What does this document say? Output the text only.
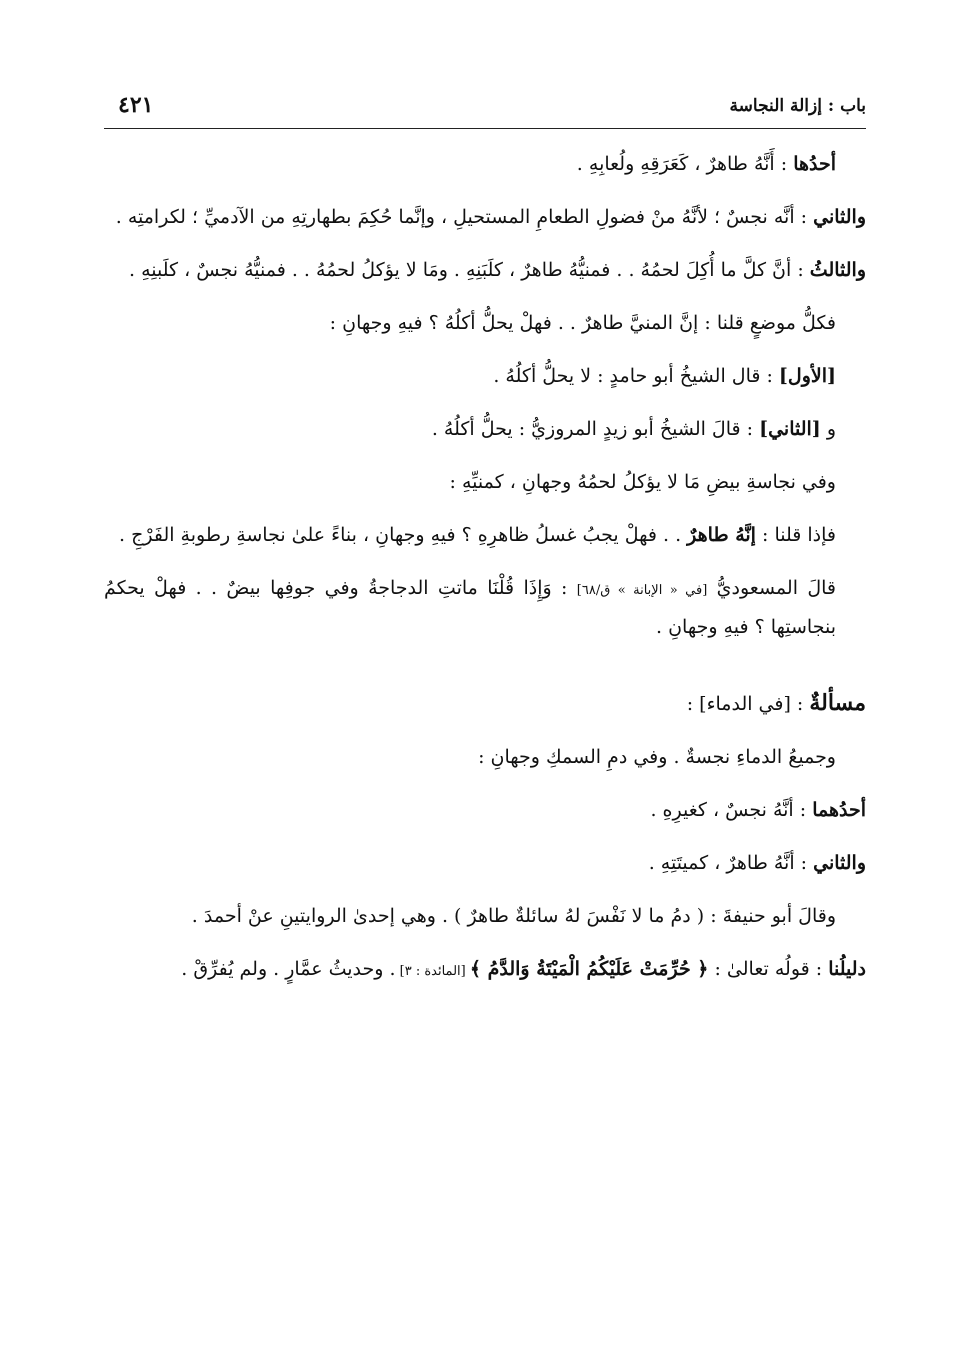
باب : إزالة النجاسة
٤٢١

أحدُها : أَنَّهُ طاهرٌ ، كَعَرَقِهِ ولُعابِهِ .

والثاني : أنَّه نجسٌ ؛ لأنَّهُ منْ فضولِ الطعامِ المستحيلِ ، وإنَّما حُكِمَ بطهارتِهِ من الآدميِّ ؛ لكرامتِه .

والثالثُ : أنَّ كلَّ ما أُكِلَ لحمُهُ . . فمنيُّهُ طاهرٌ ، كلَبَنِهِ . ومَا لا يؤكلُ لحمُهُ . . فمنيُّهُ نجسٌ ، كلَبنِهِ .

فكلُّ موضعٍ قلنا : إنَّ المنيَّ طاهرٌ . . فهلْ يحلُّ أكلُهُ ؟ فيهِ وجهانِ :

[الأول] : قال الشيخُ أبو حامدٍ : لا يحلُّ أكلُهُ .

و [الثاني] : قالَ الشيخُ أبو زيدٍ المروزيُّ : يحلُّ أكلُهُ .

وفي نجاسةِ بيضِ مَا لا يؤكلُ لحمُهُ وجهانِ ، كمنيِّهِ :

فإذا قلنا : إنَّهُ طاهرٌ . . فهلْ يجبُ غسلُ ظاهرِهِ ؟ فيهِ وجهانِ ، بناءً علىٰ نجاسةِ رطوبةِ الفَرْجِ .

قالَ المسعوديُّ [في « الإبانة » ق/٦٨] : وَإِذَا قُلْنَا ماتتِ الدجاجةُ وفي جوفِها بيضٌ . . فهلْ يحكمُ بنجاستِها ؟ فيهِ وجهانِ .

مسألةٌ : [في الدماء] :

وجميعُ الدماءِ نجسةٌ . وفي دمِ السمكِ وجهانِ :

أحدُهما : أنَّهُ نجسٌ ، كغيرِهِ .

والثاني : أنَّهُ طاهرٌ ، كميتَتِهِ .

وقالَ أبو حنيفةَ : ( دمُ ما لا نَفْسَ لهُ سائلةٌ طاهرٌ ) . وهي إحدىٰ الروايتينِ عنْ أحمدَ .

دليلُنا : قولُه تعالىٰ : ﴿ حُرِّمَتْ عَلَيْكُمُ الْمَيْتَةُ وَالدَّمُ ﴾ [المائدة : ٣] . وحديثُ عمَّارٍ . ولم يُفرِّقْ .
